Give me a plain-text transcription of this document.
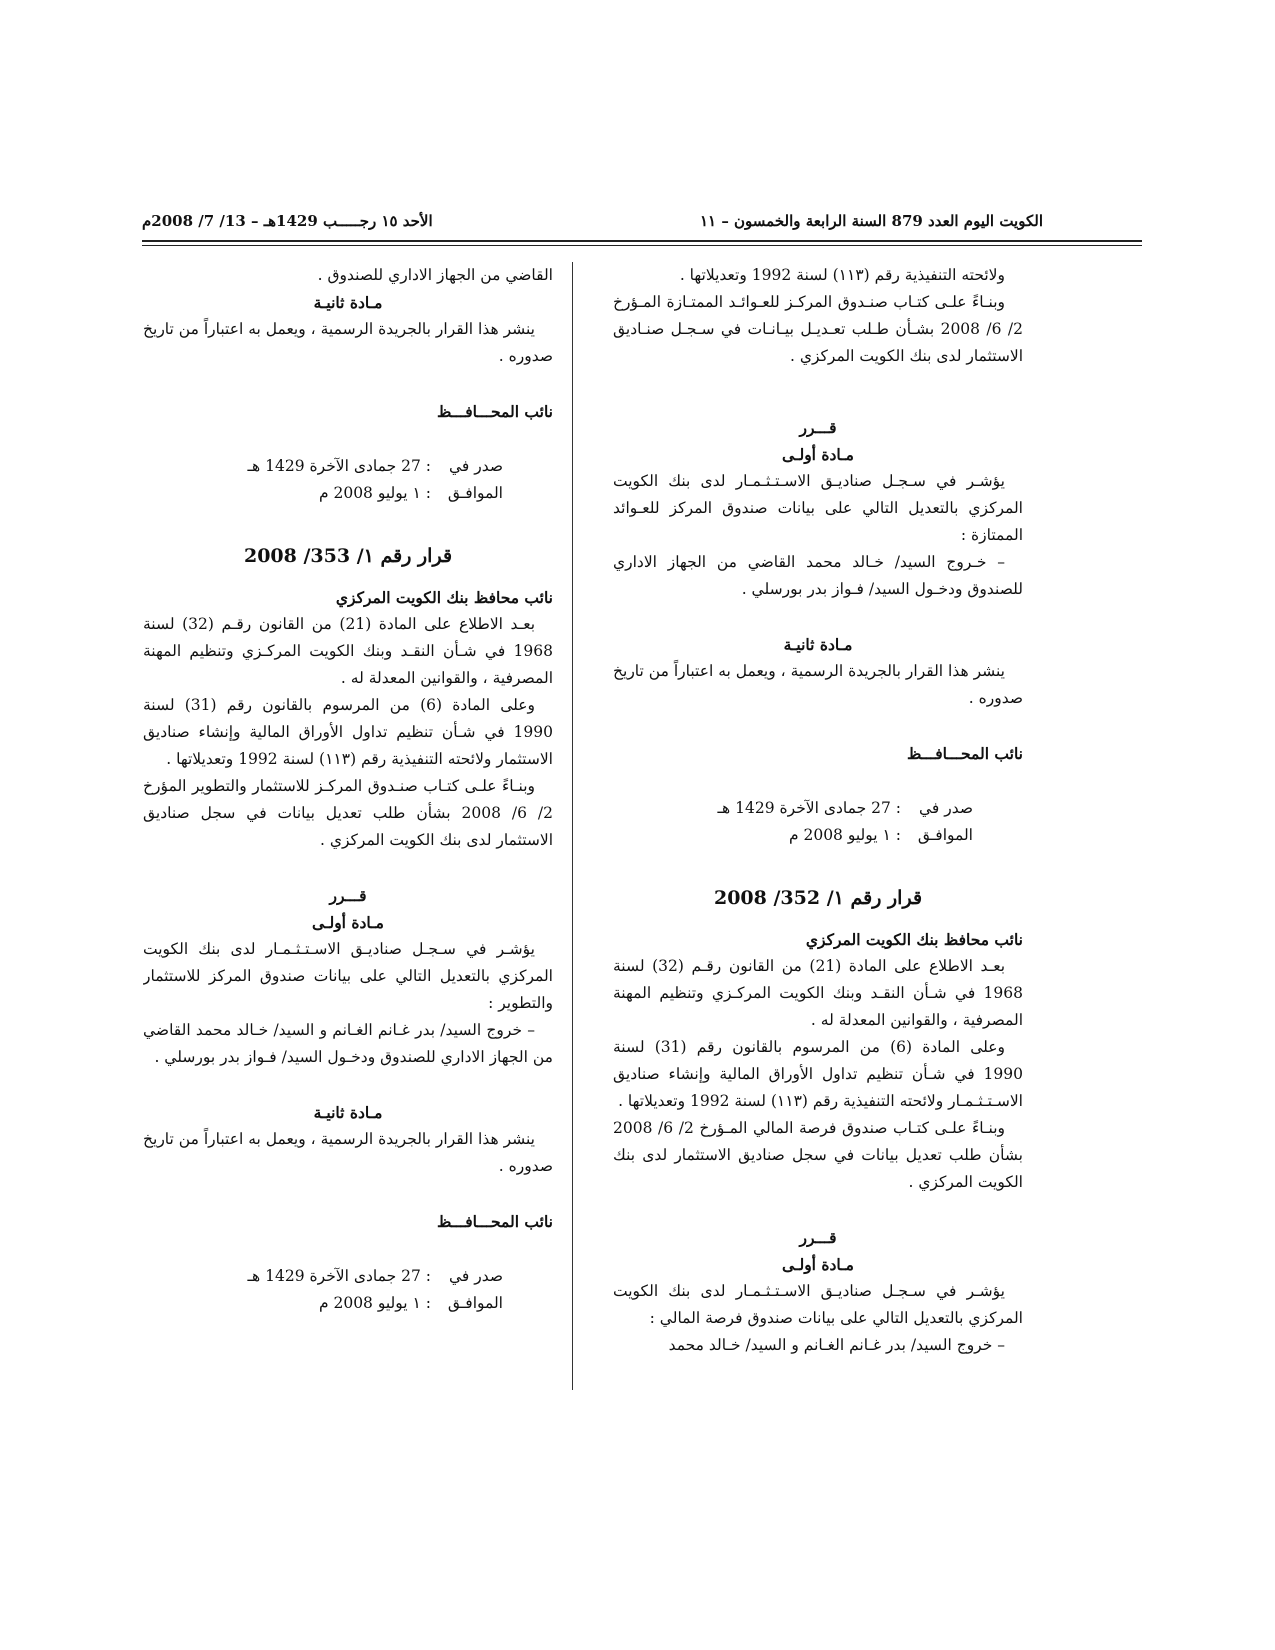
الكويت اليوم العدد 879 السنة الرابعة والخمسون – ١١
الأحد ١٥ رجـــــب 1429هـ – 13/ 7/ 2008م

ولائحته التنفيذية رقم (١١٣) لسنة 1992 وتعديلاتها .

وبنـاءً علـى كتـاب صنـدوق المركـز للعـوائـد الممتـازة المـؤرخ 2/ 6/ 2008 بشـأن طـلب تعـديـل بيـانـات في سـجـل صنـاديق الاستثمار لدى بنك الكويت المركزي .

قـــرر

مـادة أولـى

يؤشـر في سـجـل صناديـق الاسـتـثـمـار لدى بنك الكويت المركزي بالتعديل التالي على بيانات صندوق المركز للعـوائد الممتازة :

– خـروج السيد/ خـالد محمد القاضي من الجهاز الاداري للصندوق ودخـول السيد/ فـواز بدر بورسلي .

مـادة ثانيـة

ينشر هذا القرار بالجريدة الرسمية ، ويعمل به اعتباراً من تاريخ صدوره .

نائب المحـــافـــظ

صدر في: 27 جمادى الآخرة 1429 هـ

الموافـق: ١ يوليو 2008 م

قرار رقم ١/ 352/ 2008

نائب محافظ بنك الكويت المركزي

بعـد الاطلاع على المادة (21) من القانون رقـم (32) لسنة 1968 في شـأن النقـد وبنك الكويت المركـزي وتنظيم المهنة المصرفية ، والقوانين المعدلة له .

وعلى المادة (6) من المرسوم بالقانون رقم (31) لسنة 1990 في شـأن تنظيم تداول الأوراق المالية وإنشاء صناديق الاسـتـثـمـار ولائحته التنفيذية رقم (١١٣) لسنة 1992 وتعديلاتها .

وبنـاءً علـى كتـاب صندوق فرصة المالي المـؤرخ 2/ 6/ 2008 بشأن طلب تعديل بيانات في سجل صناديق الاستثمار لدى بنك الكويت المركزي .

قـــرر

مـادة أولـى

يؤشـر في سـجـل صناديـق الاسـتـثـمـار لدى بنك الكويت المركزي بالتعديل التالي على بيانات صندوق فرصة المالي :

– خروج السيد/ بدر غـانم الغـانم و السيد/ خـالد محمد

القاضي من الجهاز الاداري للصندوق .

مـادة ثانيـة

ينشر هذا القرار بالجريدة الرسمية ، ويعمل به اعتباراً من تاريخ صدوره .

نائب المحـــافـــظ

صدر في: 27 جمادى الآخرة 1429 هـ

الموافـق: ١ يوليو 2008 م

قرار رقم ١/ 353/ 2008

نائب محافظ بنك الكويت المركزي

بعـد الاطلاع على المادة (21) من القانون رقـم (32) لسنة 1968 في شـأن النقـد وبنك الكويت المركـزي وتنظيم المهنة المصرفية ، والقوانين المعدلة له .

وعلى المادة (6) من المرسوم بالقانون رقم (31) لسنة 1990 في شـأن تنظيم تداول الأوراق المالية وإنشاء صناديق الاستثمار ولائحته التنفيذية رقم (١١٣) لسنة 1992 وتعديلاتها .

وبنـاءً علـى كتـاب صنـدوق المركـز للاستثمار والتطوير المؤرخ 2/ 6/ 2008 بشأن طلب تعديل بيانات في سجل صناديق الاستثمار لدى بنك الكويت المركزي .

قـــرر

مـادة أولـى

يؤشـر في سـجـل صناديـق الاسـتـثـمـار لدى بنك الكويت المركزي بالتعديل التالي على بيانات صندوق المركز للاستثمار والتطوير :

– خروج السيد/ بدر غـانم الغـانم و السيد/ خـالد محمد القاضي من الجهاز الاداري للصندوق ودخـول السيد/ فـواز بدر بورسلي .

مـادة ثانيـة

ينشر هذا القرار بالجريدة الرسمية ، ويعمل به اعتباراً من تاريخ صدوره .

نائب المحـــافـــظ

صدر في: 27 جمادى الآخرة 1429 هـ

الموافـق: ١ يوليو 2008 م
